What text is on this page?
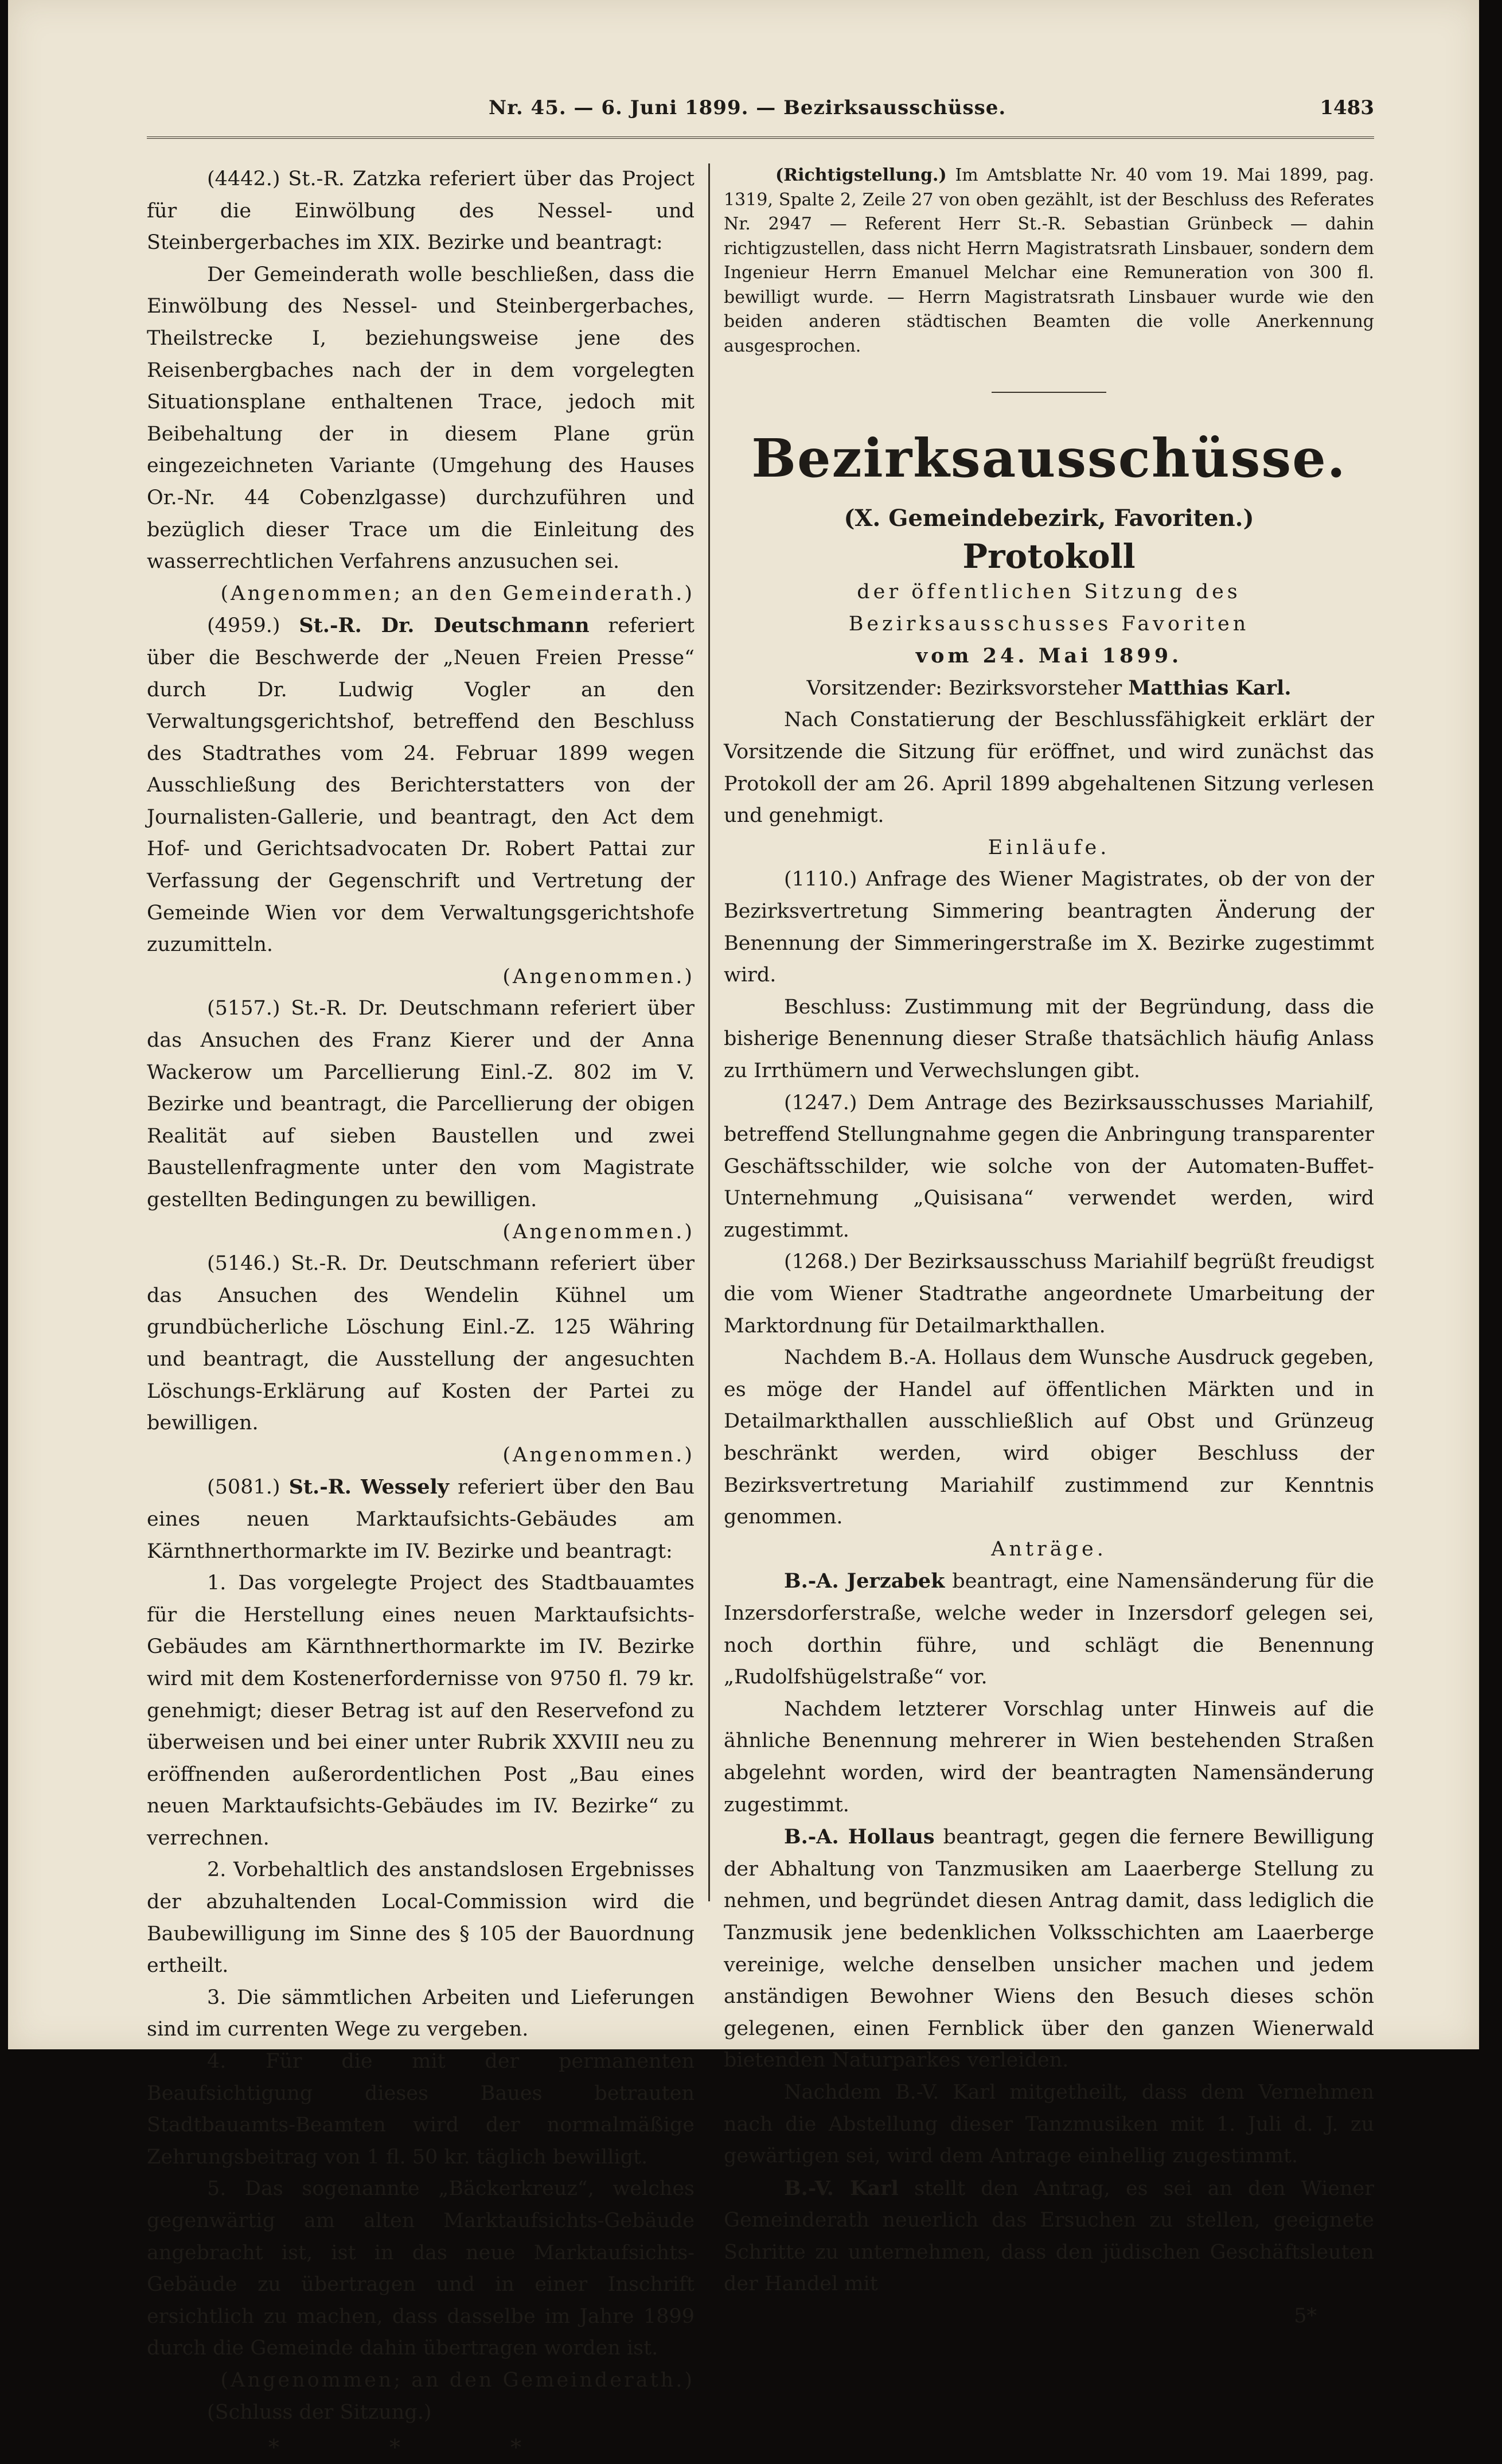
Nr. 45. — 6. Juni 1899. — Bezirksausschüsse.	1483

(4442.) St.-R. Zatzka referiert über das Project für die Einwölbung des Nessel- und Steinbergerbaches im XIX. Bezirke und beantragt:

Der Gemeinderath wolle beschließen, dass die Einwölbung des Nessel- und Steinbergerbaches, Theilstrecke I, beziehungsweise jene des Reisenbergbaches nach der in dem vorgelegten Situationsplane enthaltenen Trace, jedoch mit Beibehaltung der in diesem Plane grün eingezeichneten Variante (Umgehung des Hauses Or.-Nr. 44 Cobenzlgasse) durchzuführen und bezüglich dieser Trace um die Einleitung des wasserrechtlichen Verfahrens anzusuchen sei.

(Angenommen; an den Gemeinderath.)

(4959.) St.-R. Dr. Deutschmann referiert über die Beschwerde der „Neuen Freien Presse“ durch Dr. Ludwig Vogler an den Verwaltungsgerichtshof, betreffend den Beschluss des Stadtrathes vom 24. Februar 1899 wegen Ausschließung des Berichterstatters von der Journalisten-Gallerie, und beantragt, den Act dem Hof- und Gerichtsadvocaten Dr. Robert Pattai zur Verfassung der Gegenschrift und Vertretung der Gemeinde Wien vor dem Verwaltungsgerichtshofe zuzumitteln.

(Angenommen.)

(5157.) St.-R. Dr. Deutschmann referiert über das Ansuchen des Franz Kierer und der Anna Wackerow um Parcellierung Einl.-Z. 802 im V. Bezirke und beantragt, die Parcellierung der obigen Realität auf sieben Baustellen und zwei Baustellenfragmente unter den vom Magistrate gestellten Bedingungen zu bewilligen.

(Angenommen.)

(5146.) St.-R. Dr. Deutschmann referiert über das Ansuchen des Wendelin Kühnel um grundbücherliche Löschung Einl.-Z. 125 Währing und beantragt, die Ausstellung der angesuchten Löschungs-Erklärung auf Kosten der Partei zu bewilligen.

(Angenommen.)

(5081.) St.-R. Wessely referiert über den Bau eines neuen Marktaufsichts-Gebäudes am Kärnthnerthormarkte im IV. Bezirke und beantragt:

1. Das vorgelegte Project des Stadtbauamtes für die Herstellung eines neuen Marktaufsichts-Gebäudes am Kärnthnerthormarkte im IV. Bezirke wird mit dem Kostenerfordernisse von 9750 fl. 79 kr. genehmigt; dieser Betrag ist auf den Reservefond zu überweisen und bei einer unter Rubrik XXVIII neu zu eröffnenden außerordentlichen Post „Bau eines neuen Marktaufsichts-Gebäudes im IV. Bezirke“ zu verrechnen.

2. Vorbehaltlich des anstandslosen Ergebnisses der abzuhaltenden Local-Commission wird die Baubewilligung im Sinne des § 105 der Bauordnung ertheilt.

3. Die sämmtlichen Arbeiten und Lieferungen sind im currenten Wege zu vergeben.

4. Für die mit der permanenten Beaufsichtigung dieses Baues betrauten Stadtbauamts-Beamten wird der normalmäßige Zehrungsbeitrag von 1 fl. 50 kr. täglich bewilligt.

5. Das sogenannte „Bäckerkreuz“, welches gegenwärtig am alten Marktaufsichts-Gebäude angebracht ist, ist in das neue Marktaufsichts-Gebäude zu übertragen und in einer Inschrift ersichtlich zu machen, dass dasselbe im Jahre 1899 durch die Gemeinde dahin übertragen worden ist.

(Angenommen; an den Gemeinderath.)

(Schluss der Sitzung.)

* * *

(Richtigstellung.) Im Amtsblatte Nr. 40 vom 19. Mai 1899, pag. 1319, Spalte 2, Zeile 27 von oben gezählt, ist der Beschluss des Referates Nr. 2947 — Referent Herr St.-R. Sebastian Grünbeck — dahin richtigzustellen, dass nicht Herrn Magistratsrath Linsbauer, sondern dem Ingenieur Herrn Emanuel Melchar eine Remuneration von 300 fl. bewilligt wurde. — Herrn Magistratsrath Linsbauer wurde wie den beiden anderen städtischen Beamten die volle Anerkennung ausgesprochen.

Bezirksausschüsse.

(X. Gemeindebezirk, Favoriten.)

Protokoll

der öffentlichen Sitzung des Bezirksausschusses Favoriten

vom 24. Mai 1899.

Vorsitzender: Bezirksvorsteher Matthias Karl.

Nach Constatierung der Beschlussfähigkeit erklärt der Vorsitzende die Sitzung für eröffnet, und wird zunächst das Protokoll der am 26. April 1899 abgehaltenen Sitzung verlesen und genehmigt.

Einläufe.

(1110.) Anfrage des Wiener Magistrates, ob der von der Bezirksvertretung Simmering beantragten Änderung der Benennung der Simmeringerstraße im X. Bezirke zugestimmt wird.

Beschluss: Zustimmung mit der Begründung, dass die bisherige Benennung dieser Straße thatsächlich häufig Anlass zu Irrthümern und Verwechslungen gibt.

(1247.) Dem Antrage des Bezirksausschusses Mariahilf, betreffend Stellungnahme gegen die Anbringung transparenter Geschäftsschilder, wie solche von der Automaten-Buffet-Unternehmung „Quisisana“ verwendet werden, wird zugestimmt.

(1268.) Der Bezirksausschuss Mariahilf begrüßt freudigst die vom Wiener Stadtrathe angeordnete Umarbeitung der Marktordnung für Detailmarkthallen.

Nachdem B.-A. Hollaus dem Wunsche Ausdruck gegeben, es möge der Handel auf öffentlichen Märkten und in Detailmarkthallen ausschließlich auf Obst und Grünzeug beschränkt werden, wird obiger Beschluss der Bezirksvertretung Mariahilf zustimmend zur Kenntnis genommen.

Anträge.

B.-A. Jerzabek beantragt, eine Namensänderung für die Inzersdorferstraße, welche weder in Inzersdorf gelegen sei, noch dorthin führe, und schlägt die Benennung „Rudolfshügelstraße“ vor.

Nachdem letzterer Vorschlag unter Hinweis auf die ähnliche Benennung mehrerer in Wien bestehenden Straßen abgelehnt worden, wird der beantragten Namensänderung zugestimmt.

B.-A. Hollaus beantragt, gegen die fernere Bewilligung der Abhaltung von Tanzmusiken am Laaerberge Stellung zu nehmen, und begründet diesen Antrag damit, dass lediglich die Tanzmusik jene bedenklichen Volksschichten am Laaerberge vereinige, welche denselben unsicher machen und jedem anständigen Bewohner Wiens den Besuch dieses schön gelegenen, einen Fernblick über den ganzen Wienerwald bietenden Naturparkes verleiden.

Nachdem B.-V. Karl mitgetheilt, dass dem Vernehmen nach die Abstellung dieser Tanzmusiken mit 1. Juli d. J. zu gewärtigen sei, wird dem Antrage einhellig zugestimmt.

B.-V. Karl stellt den Antrag, es sei an den Wiener Gemeinderath neuerlich das Ersuchen zu stellen, geeignete Schritte zu unternehmen, dass den jüdischen Geschäftsleuten der Handel mit

5*
